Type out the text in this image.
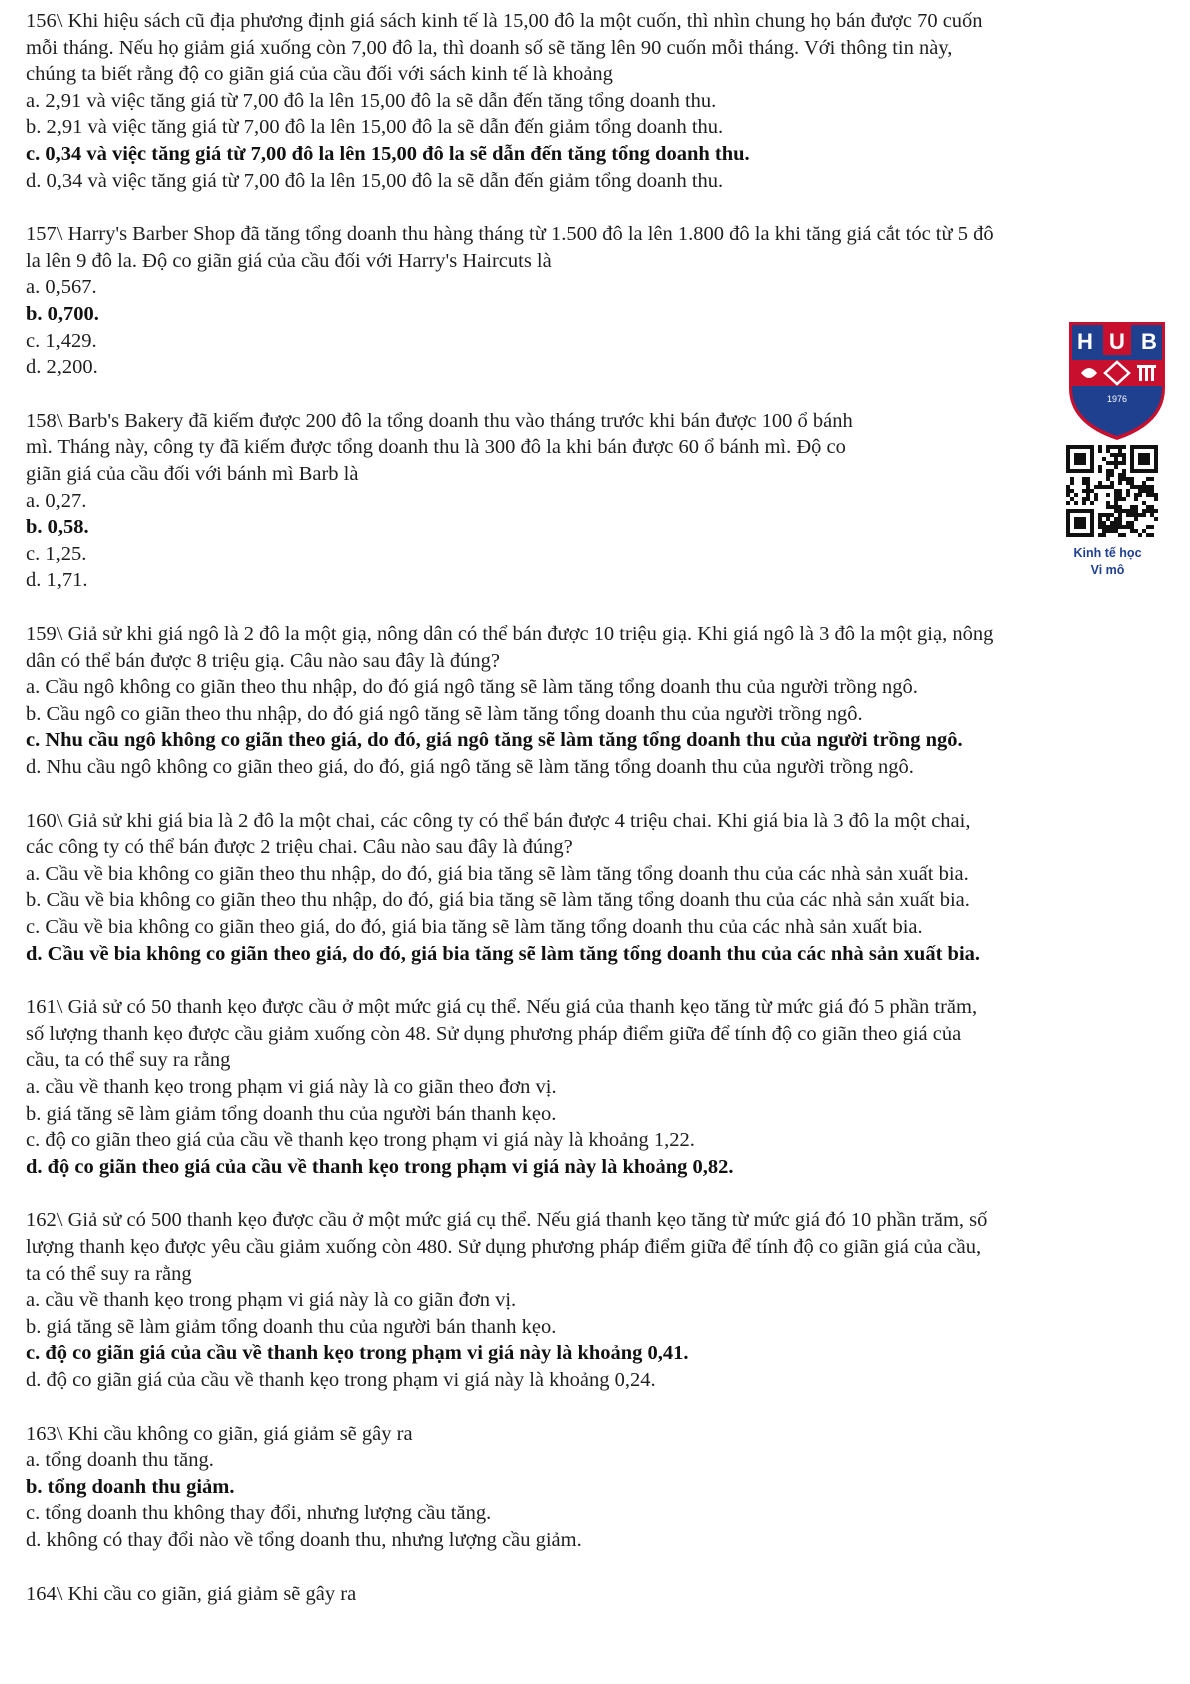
156\ Khi hiệu sách cũ địa phương định giá sách kinh tế là 15,00 đô la một cuốn, thì nhìn chung họ bán được 70 cuốn
mỗi tháng. Nếu họ giảm giá xuống còn 7,00 đô la, thì doanh số sẽ tăng lên 90 cuốn mỗi tháng. Với thông tin này,
chúng ta biết rằng độ co giãn giá của cầu đối với sách kinh tế là khoảng
a. 2,91 và việc tăng giá từ 7,00 đô la lên 15,00 đô la sẽ dẫn đến tăng tổng doanh thu.
b. 2,91 và việc tăng giá từ 7,00 đô la lên 15,00 đô la sẽ dẫn đến giảm tổng doanh thu.
c. 0,34 và việc tăng giá từ 7,00 đô la lên 15,00 đô la sẽ dẫn đến tăng tổng doanh thu.
d. 0,34 và việc tăng giá từ 7,00 đô la lên 15,00 đô la sẽ dẫn đến giảm tổng doanh thu.
157\ Harry's Barber Shop đã tăng tổng doanh thu hàng tháng từ 1.500 đô la lên 1.800 đô la khi tăng giá cắt tóc từ 5 đô
la lên 9 đô la. Độ co giãn giá của cầu đối với Harry's Haircuts là
a. 0,567.
b. 0,700.
c. 1,429.
d. 2,200.
158\ Barb's Bakery đã kiếm được 200 đô la tổng doanh thu vào tháng trước khi bán được 100 ổ bánh
mì. Tháng này, công ty đã kiếm được tổng doanh thu là 300 đô la khi bán được 60 ổ bánh mì. Độ co
giãn giá của cầu đối với bánh mì Barb là
a. 0,27.
b. 0,58.
c. 1,25.
d. 1,71.
159\ Giả sử khi giá ngô là 2 đô la một giạ, nông dân có thể bán được 10 triệu giạ. Khi giá ngô là 3 đô la một giạ, nông
dân có thể bán được 8 triệu giạ. Câu nào sau đây là đúng?
a. Cầu ngô không co giãn theo thu nhập, do đó giá ngô tăng sẽ làm tăng tổng doanh thu của người trồng ngô.
b. Cầu ngô co giãn theo thu nhập, do đó giá ngô tăng sẽ làm tăng tổng doanh thu của người trồng ngô.
c. Nhu cầu ngô không co giãn theo giá, do đó, giá ngô tăng sẽ làm tăng tổng doanh thu của người trồng ngô.
d. Nhu cầu ngô không co giãn theo giá, do đó, giá ngô tăng sẽ làm tăng tổng doanh thu của người trồng ngô.
160\ Giả sử khi giá bia là 2 đô la một chai, các công ty có thể bán được 4 triệu chai. Khi giá bia là 3 đô la một chai,
các công ty có thể bán được 2 triệu chai. Câu nào sau đây là đúng?
a. Cầu về bia không co giãn theo thu nhập, do đó, giá bia tăng sẽ làm tăng tổng doanh thu của các nhà sản xuất bia.
b. Cầu về bia không co giãn theo thu nhập, do đó, giá bia tăng sẽ làm tăng tổng doanh thu của các nhà sản xuất bia.
c. Cầu về bia không co giãn theo giá, do đó, giá bia tăng sẽ làm tăng tổng doanh thu của các nhà sản xuất bia.
d. Cầu về bia không co giãn theo giá, do đó, giá bia tăng sẽ làm tăng tổng doanh thu của các nhà sản xuất bia.
161\ Giả sử có 50 thanh kẹo được cầu ở một mức giá cụ thể. Nếu giá của thanh kẹo tăng từ mức giá đó 5 phần trăm,
số lượng thanh kẹo được cầu giảm xuống còn 48. Sử dụng phương pháp điểm giữa để tính độ co giãn theo giá của
cầu, ta có thể suy ra rằng
a. cầu về thanh kẹo trong phạm vi giá này là co giãn theo đơn vị.
b. giá tăng sẽ làm giảm tổng doanh thu của người bán thanh kẹo.
c. độ co giãn theo giá của cầu về thanh kẹo trong phạm vi giá này là khoảng 1,22.
d. độ co giãn theo giá của cầu về thanh kẹo trong phạm vi giá này là khoảng 0,82.
162\ Giả sử có 500 thanh kẹo được cầu ở một mức giá cụ thể. Nếu giá thanh kẹo tăng từ mức giá đó 10 phần trăm, số
lượng thanh kẹo được yêu cầu giảm xuống còn 480. Sử dụng phương pháp điểm giữa để tính độ co giãn giá của cầu,
ta có thể suy ra rằng
a. cầu về thanh kẹo trong phạm vi giá này là co giãn đơn vị.
b. giá tăng sẽ làm giảm tổng doanh thu của người bán thanh kẹo.
c. độ co giãn giá của cầu về thanh kẹo trong phạm vi giá này là khoảng 0,41.
d. độ co giãn giá của cầu về thanh kẹo trong phạm vi giá này là khoảng 0,24.
163\ Khi cầu không co giãn, giá giảm sẽ gây ra
a. tổng doanh thu tăng.
b. tổng doanh thu giảm.
c. tổng doanh thu không thay đổi, nhưng lượng cầu tăng.
d. không có thay đổi nào về tổng doanh thu, nhưng lượng cầu giảm.
164\ Khi cầu co giãn, giá giảm sẽ gây ra
H U B
1976
Kinh tế học
Vi mô
